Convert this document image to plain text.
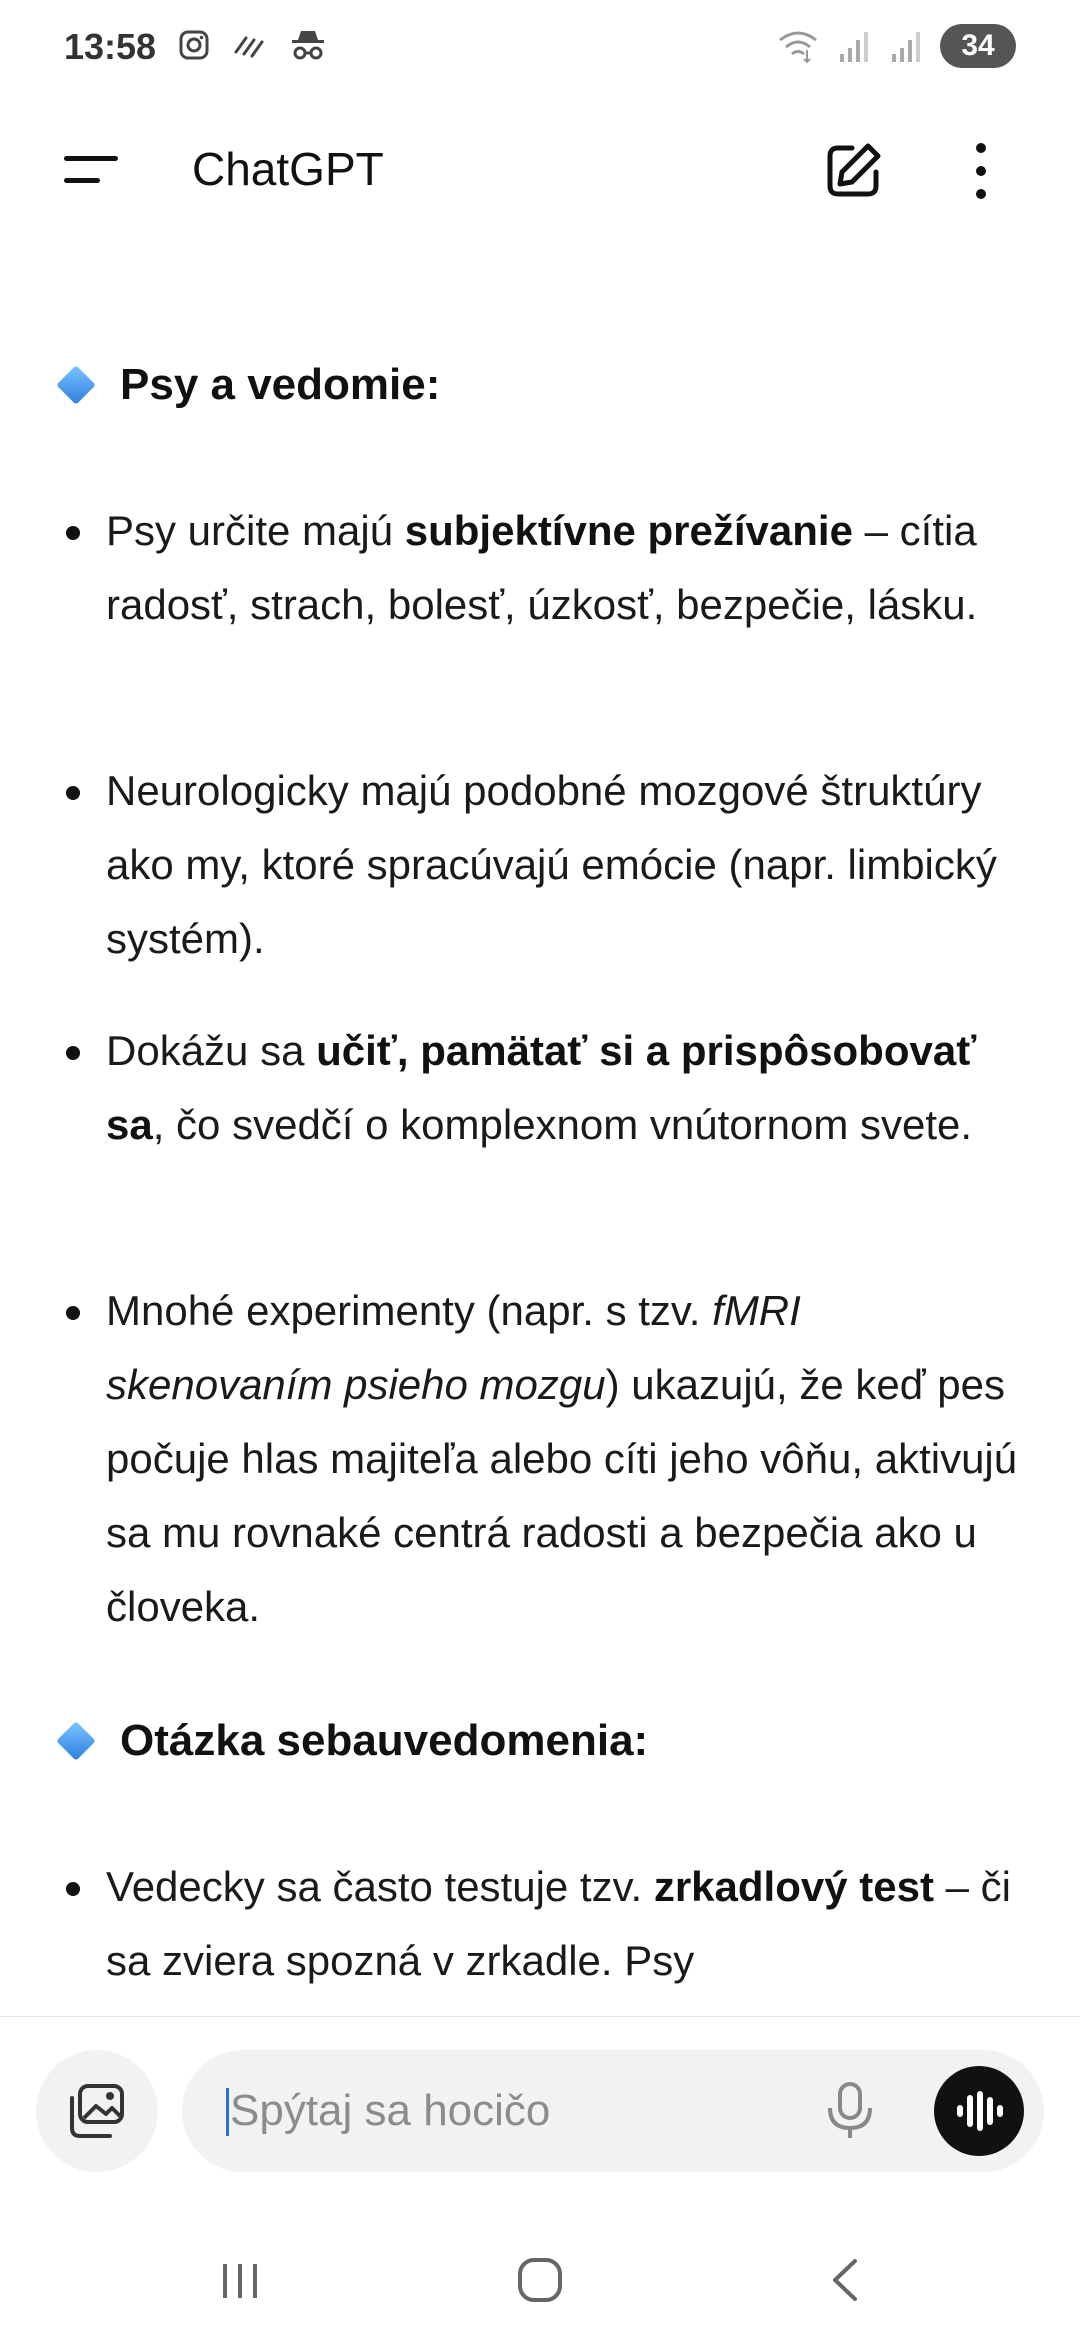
13:58	34
ChatGPT
Psy a vedomie:
Psy určite majú subjektívne prežívanie – cítia radosť, strach, bolesť, úzkosť, bezpečie, lásku.
Neurologicky majú podobné mozgové štruktúry ako my, ktoré spracúvajú emócie (napr. limbický systém).
Dokážu sa učiť, pamätať si a prispôsobovať sa, čo svedčí o komplexnom vnútornom svete.
Mnohé experimenty (napr. s tzv. fMRI skenovaním psieho mozgu) ukazujú, že keď pes počuje hlas majiteľa alebo cíti jeho vôňu, aktivujú sa mu rovnaké centrá radosti a bezpečia ako u človeka.
Otázka sebauvedomenia:
Vedecky sa často testuje tzv. zrkadlový test – či sa zviera spozná v zrkadle. Psy
Spýtaj sa hocičo
